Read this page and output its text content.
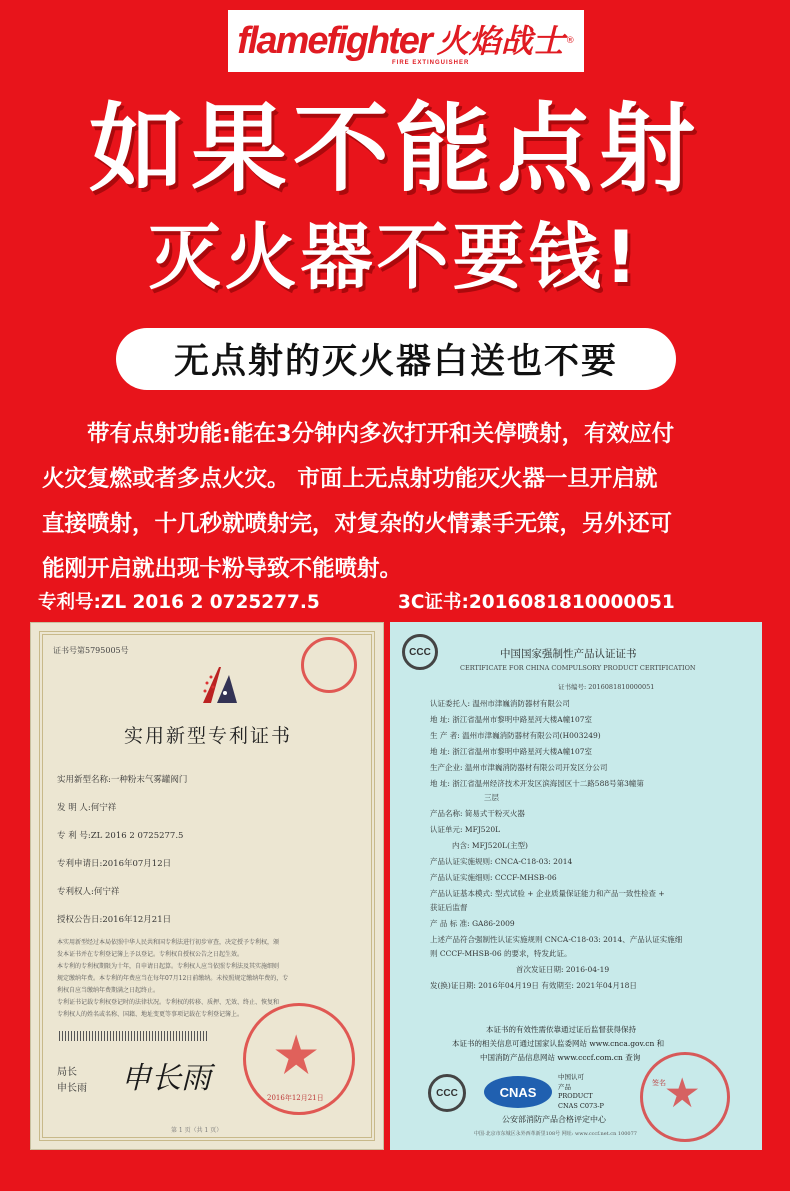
flamefighter 火焰战士 ®
FIRE EXTINGUISHER
如果不能点射
灭火器不要钱!
无点射的灭火器白送也不要

带有点射功能:能在3分钟内多次打开和关停喷射，有效应付

火灾复燃或者多点火灾。 市面上无点射功能灭火器一旦开启就

直接喷射，十几秒就喷射完，对复杂的火情素手无策，另外还可

能刚开启就出现卡粉导致不能喷射。

专利号:ZL 2016 2 0725277.5	3C证书:2016081810000051
证书号第5795005号
实用新型专利证书
实用新型名称:一种粉末气雾罐阀门
发 明 人:何宁祥
专 利 号:ZL 2016 2 0725277.5
专利申请日:2016年07月12日
专利权人:何宁祥
授权公告日:2016年12月21日
本实用新型经过本局依照中华人民共和国专利法进行初步审查，决定授予专利权，颁
发本证书并在专利登记簿上予以登记。专利权自授权公告之日起生效。
本专利的专利权期限为十年，自申请日起算。专利权人应当依照专利法及其实施细则
规定缴纳年费。本专利的年费应当在每年07月12日前缴纳。未按照规定缴纳年费的，专
利权自应当缴纳年费期满之日起终止。
专利证书记载专利权登记时的法律状况。专利权的转移、质押、无效、终止、恢复和
专利权人的姓名或名称、国籍、地址变更等事项记载在专利登记簿上。
局长
申长雨 申长雨
2016年12月21日
第 1 页（共 1 页）
CCC	中国国家强制性产品认证证书
CERTIFICATE FOR CHINA COMPULSORY PRODUCT CERTIFICATION
证书编号: 2016081810000051
认证委托人: 温州市津巍消防器材有限公司
地 址: 浙江省温州市黎明中路星河大楼A幢107室
生 产 者: 温州市津巍消防器材有限公司(H003249)
地 址: 浙江省温州市黎明中路星河大楼A幢107室
生产企业: 温州市津巍消防器材有限公司开发区分公司
地 址: 浙江省温州经济技术开发区滨海园区十二路588号第3幢第
三层
产品名称: 简易式干粉灭火器
认证单元: MFJ520L
内含: MFJ520L(主型)
产品认证实施规则: CNCA-C18-03: 2014
产品认证实施细则: CCCF-MHSB-06
产品认证基本模式: 型式试验 + 企业质量保证能力和产品一致性检查 +
获证后监督
产 品 标 准: GA86-2009
上述产品符合强制性认证实施规则 CNCA-C18-03: 2014、产品认证实施细
则 CCCF-MHSB-06 的要求，特发此证。
首次发证日期: 2016-04-19
发(换)证日期: 2016年04月19日 有效期至: 2021年04月18日
本证书的有效性需依靠通过证后监督获得保持
本证书的相关信息可通过国家认监委网站 www.cnca.gov.cn 和
中国消防产品信息网站 www.cccf.com.cn 查询
CCC	CNAS
中国认可
产品
PRODUCT
CNAS C073-P
签名
公安部消防产品合格评定中心
中国·北京市东城区永外西革新里108号 网址: www.cccf.net.cn 100077
